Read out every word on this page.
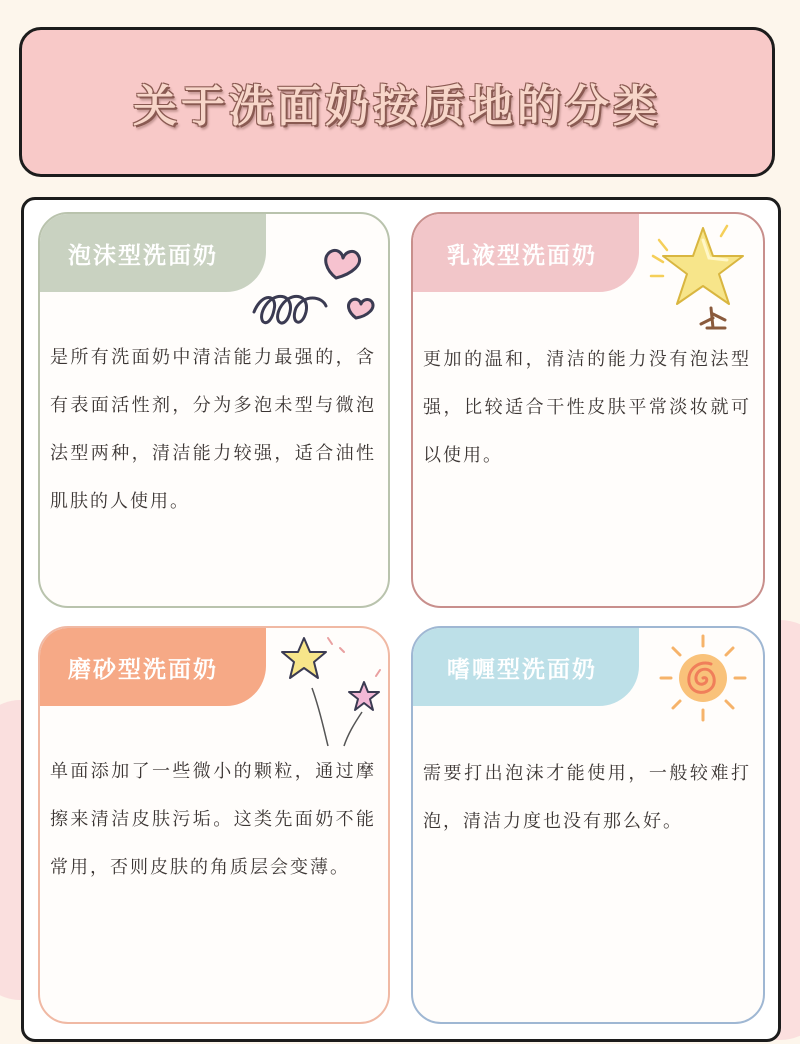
关于洗面奶按质地的分类
泡沫型洗面奶
是所有洗面奶中清洁能力最强的，含有表面活性剂，分为多泡未型与微泡法型两种，清洁能力较强，适合油性肌肤的人使用。
乳液型洗面奶
更加的温和，清洁的能力没有泡法型强，比较适合干性皮肤平常淡妆就可以使用。
磨砂型洗面奶
单面添加了一些微小的颗粒，通过摩擦来清洁皮肤污垢。这类先面奶不能常用，否则皮肤的角质层会变薄。
嗜喱型洗面奶
需要打出泡沫才能使用，一般较难打泡，清洁力度也没有那么好。
